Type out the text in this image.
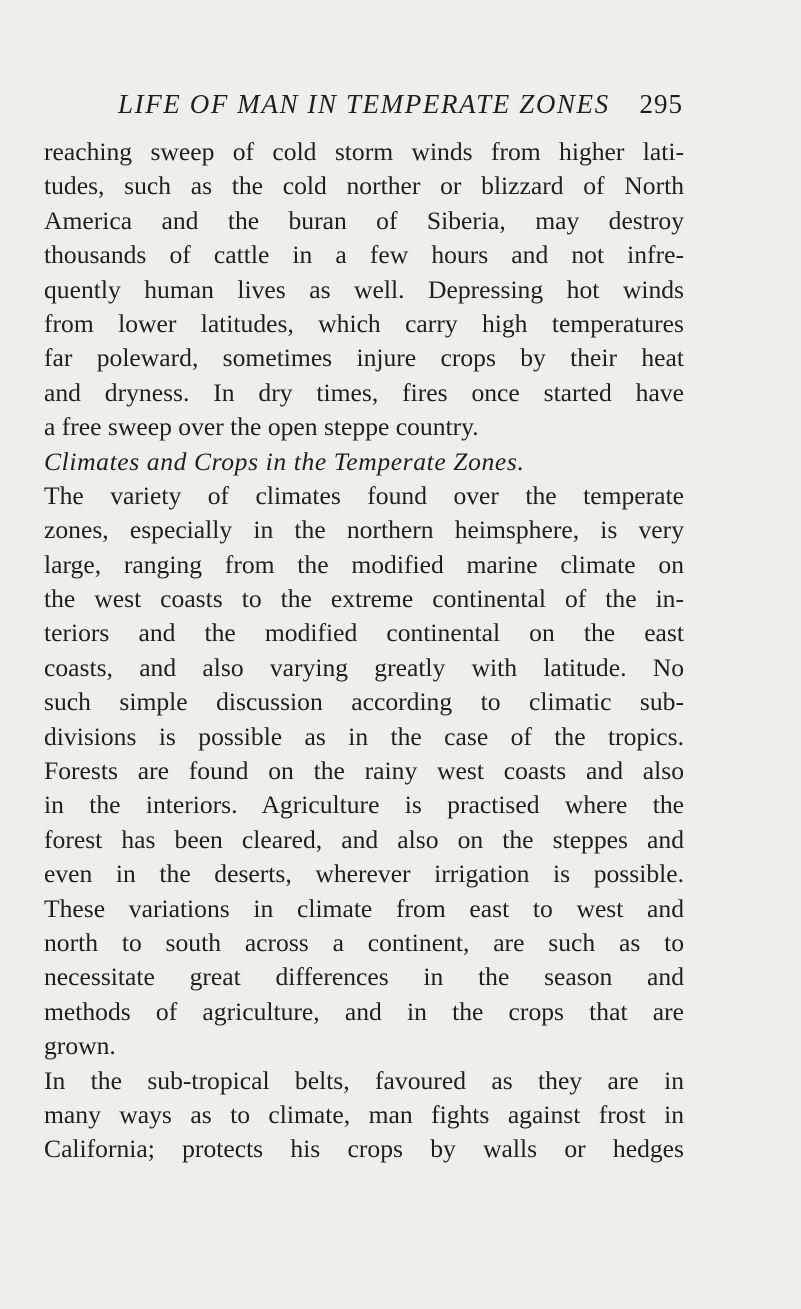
LIFE OF MAN IN TEMPERATE ZONES 295
reaching sweep of cold storm winds from higher lati-
tudes, such as the cold norther or blizzard of North
America and the buran of Siberia, may destroy
thousands of cattle in a few hours and not infre-
quently human lives as well. Depressing hot winds
from lower latitudes, which carry high temperatures
far poleward, sometimes injure crops by their heat
and dryness. In dry times, fires once started have
a free sweep over the open steppe country.
Climates and Crops in the Temperate Zones.
The variety of climates found over the temperate
zones, especially in the northern heimsphere, is very
large, ranging from the modified marine climate on
the west coasts to the extreme continental of the in-
teriors and the modified continental on the east
coasts, and also varying greatly with latitude. No
such simple discussion according to climatic sub-
divisions is possible as in the case of the tropics.
Forests are found on the rainy west coasts and also
in the interiors. Agriculture is practised where the
forest has been cleared, and also on the steppes and
even in the deserts, wherever irrigation is possible.
These variations in climate from east to west and
north to south across a continent, are such as to
necessitate great differences in the season and
methods of agriculture, and in the crops that are
grown.
In the sub-tropical belts, favoured as they are in
many ways as to climate, man fights against frost in
California; protects his crops by walls or hedges
